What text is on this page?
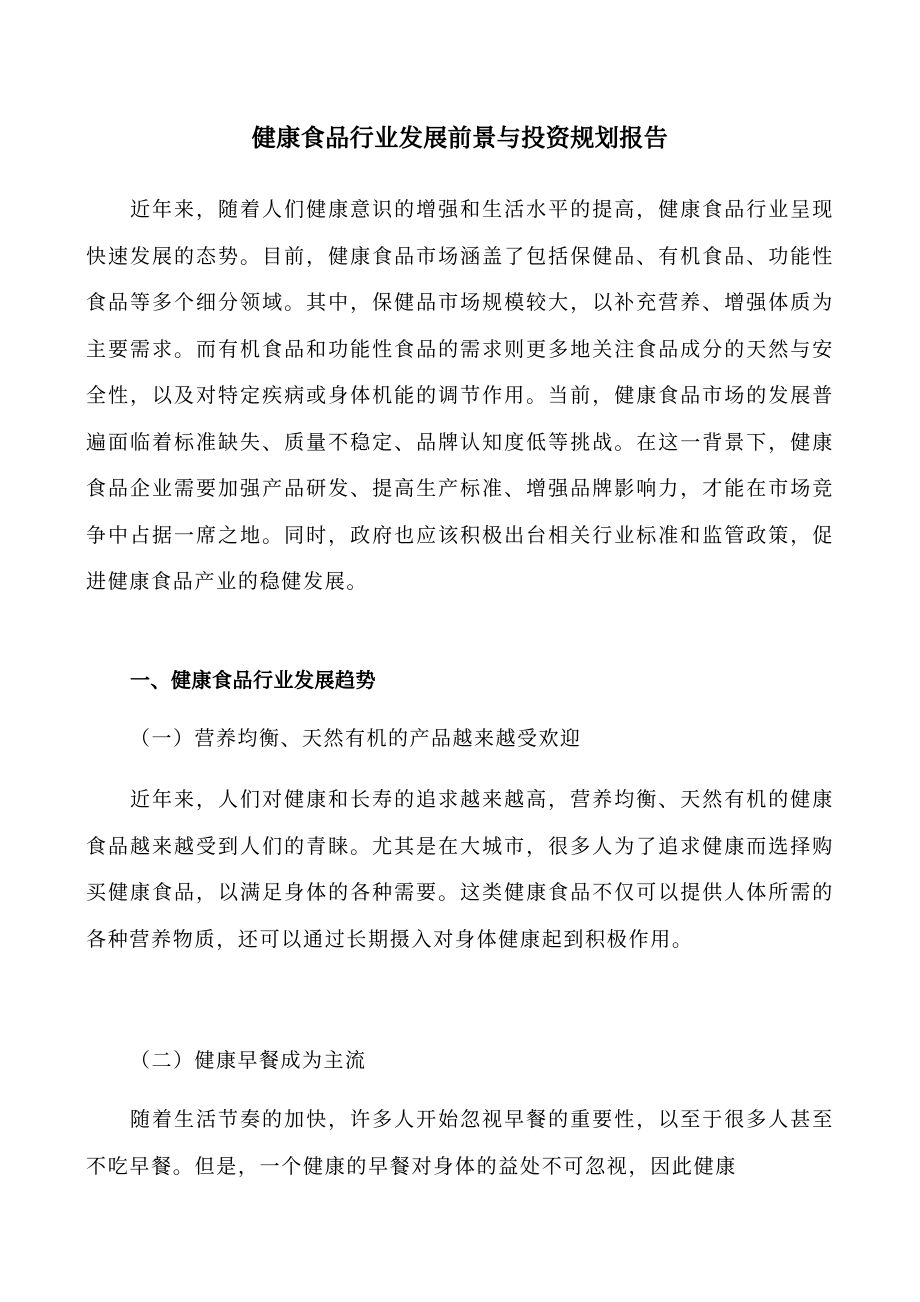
健康食品行业发展前景与投资规划报告

近年来，随着人们健康意识的增强和生活水平的提高，健康食品行业呈现快速发展的态势。目前，健康食品市场涵盖了包括保健品、有机食品、功能性食品等多个细分领域。其中，保健品市场规模较大，以补充营养、增强体质为主要需求。而有机食品和功能性食品的需求则更多地关注食品成分的天然与安全性，以及对特定疾病或身体机能的调节作用。当前，健康食品市场的发展普遍面临着标准缺失、质量不稳定、品牌认知度低等挑战。在这一背景下，健康食品企业需要加强产品研发、提高生产标准、增强品牌影响力，才能在市场竞争中占据一席之地。同时，政府也应该积极出台相关行业标准和监管政策，促进健康食品产业的稳健发展。

一、健康食品行业发展趋势
（一）营养均衡、天然有机的产品越来越受欢迎

近年来，人们对健康和长寿的追求越来越高，营养均衡、天然有机的健康食品越来越受到人们的青睐。尤其是在大城市，很多人为了追求健康而选择购买健康食品，以满足身体的各种需要。这类健康食品不仅可以提供人体所需的各种营养物质，还可以通过长期摄入对身体健康起到积极作用。

（二）健康早餐成为主流

随着生活节奏的加快，许多人开始忽视早餐的重要性，以至于很多人甚至不吃早餐。但是，一个健康的早餐对身体的益处不可忽视，因此健康
